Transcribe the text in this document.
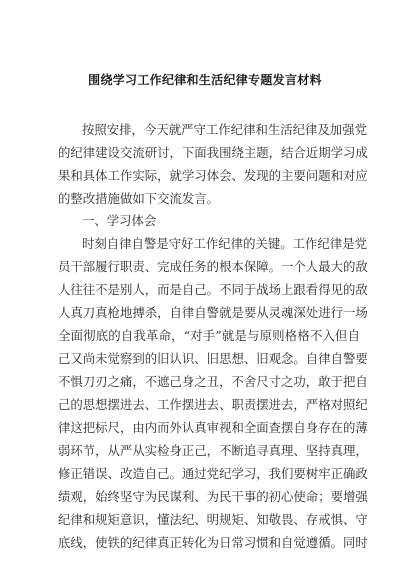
围绕学习工作纪律和生活纪律专题发言材料
按照安排，今天就严守工作纪律和生活纪律及加强党
的纪律建设交流研讨，下面我围绕主题，结合近期学习成
果和具体工作实际，就学习体会、发现的主要问题和对应
的整改措施做如下交流发言。
一、学习体会
时刻自律自警是守好工作纪律的关键。工作纪律是党
员干部履行职责、完成任务的根本保障。一个人最大的敌
人往往不是别人，而是自己。不同于战场上跟看得见的敌
人真刀真枪地搏杀，自律自警就是要从灵魂深处进行一场
全面彻底的自我革命，“对手”就是与原则格格不入但自
己又尚未觉察到的旧认识、旧思想、旧观念。自律自警要
不惧刀刃之痛，不遮己身之丑，不舍尺寸之功，敢于把自
己的思想摆进去、工作摆进去、职责摆进去，严格对照纪
律这把标尺，由内而外认真审视和全面查摆自身存在的薄
弱环节，从严从实检身正己，不断追寻真理、坚持真理，
修正错误、改造自己。通过党纪学习，我们要树牢正确政
绩观，始终坚守为民谋利、为民干事的初心使命；要增强
纪律和规矩意识，懂法纪、明规矩、知敬畏、存戒惧、守
底线，使铁的纪律真正转化为日常习惯和自觉遵循。同时
